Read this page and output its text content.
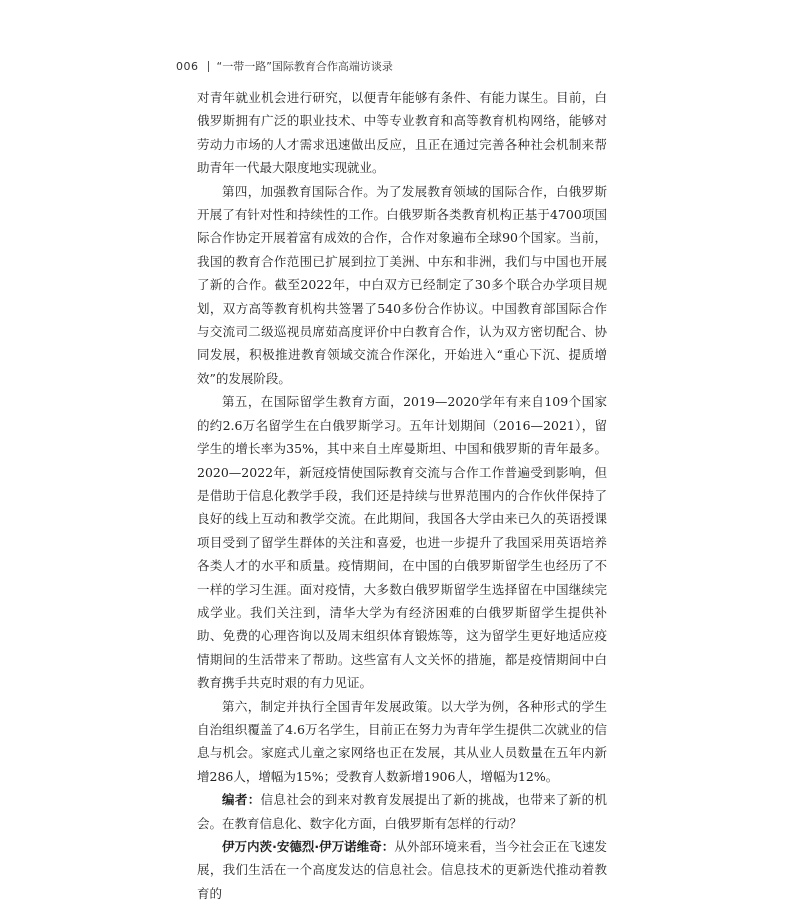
006 “一带一路”国际教育合作高端访谈录

对青年就业机会进行研究，以便青年能够有条件、有能力谋生。目前，白俄罗斯拥有广泛的职业技术、中等专业教育和高等教育机构网络，能够对劳动力市场的人才需求迅速做出反应，且正在通过完善各种社会机制来帮助青年一代最大限度地实现就业。

第四，加强教育国际合作。为了发展教育领域的国际合作，白俄罗斯开展了有针对性和持续性的工作。白俄罗斯各类教育机构正基于4700项国际合作协定开展着富有成效的合作，合作对象遍布全球90个国家。当前，我国的教育合作范围已扩展到拉丁美洲、中东和非洲，我们与中国也开展了新的合作。截至2022年，中白双方已经制定了30多个联合办学项目规划，双方高等教育机构共签署了540多份合作协议。中国教育部国际合作与交流司二级巡视员席茹高度评价中白教育合作，认为双方密切配合、协同发展，积极推进教育领域交流合作深化，开始进入“重心下沉、提质增效”的发展阶段。

第五，在国际留学生教育方面，2019—2020学年有来自109个国家的约2.6万名留学生在白俄罗斯学习。五年计划期间（2016—2021），留学生的增长率为35%，其中来自土库曼斯坦、中国和俄罗斯的青年最多。2020—2022年，新冠疫情使国际教育交流与合作工作普遍受到影响，但是借助于信息化教学手段，我们还是持续与世界范围内的合作伙伴保持了良好的线上互动和教学交流。在此期间，我国各大学由来已久的英语授课项目受到了留学生群体的关注和喜爱，也进一步提升了我国采用英语培养各类人才的水平和质量。疫情期间，在中国的白俄罗斯留学生也经历了不一样的学习生涯。面对疫情，大多数白俄罗斯留学生选择留在中国继续完成学业。我们关注到，清华大学为有经济困难的白俄罗斯留学生提供补助、免费的心理咨询以及周末组织体育锻炼等，这为留学生更好地适应疫情期间的生活带来了帮助。这些富有人文关怀的措施，都是疫情期间中白教育携手共克时艰的有力见证。

第六，制定并执行全国青年发展政策。以大学为例，各种形式的学生自治组织覆盖了4.6万名学生，目前正在努力为青年学生提供二次就业的信息与机会。家庭式儿童之家网络也正在发展，其从业人员数量在五年内新增286人，增幅为15%；受教育人数新增1906人，增幅为12%。

编者：信息社会的到来对教育发展提出了新的挑战，也带来了新的机会。在教育信息化、数字化方面，白俄罗斯有怎样的行动？

伊万内茨·安德烈·伊万诺维奇：从外部环境来看，当今社会正在飞速发展，我们生活在一个高度发达的信息社会。信息技术的更新迭代推动着教育的
